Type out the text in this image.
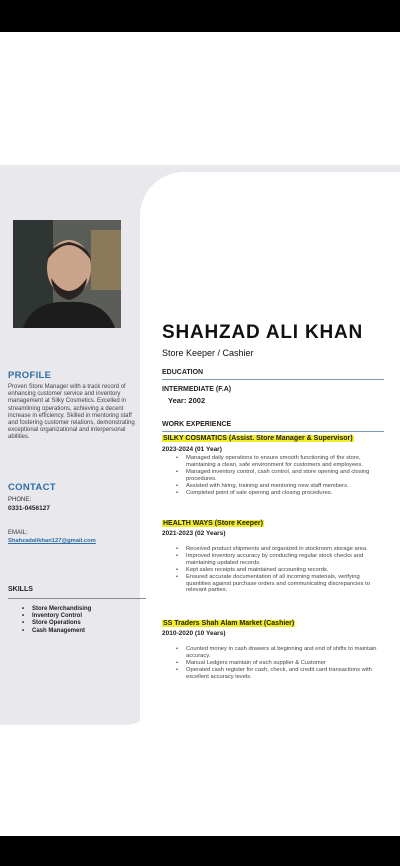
SHAHZAD ALI KHAN
Store Keeper / Cashier
PROFILE
Proven Store Manager with a track record of enhancing customer service and inventory management at Silky Cosmetics. Excelled in streamlining operations, achieving a decent increase in efficiency. Skilled in mentoring staff and fostering customer relations, demonstrating exceptional organizational and interpersonal abilities.
CONTACT
PHONE:
0331-0456127
EMAIL:
Shahzadalikhan127@gmail.com
SKILLS
• Store Merchandising
• Inventory Control
• Store Operations
• Cash Management
EDUCATION
INTERMEDIATE (F.A)
Year: 2002
WORK EXPERIENCE
SILKY COSMATICS (Assist. Store Manager & Supervisor)
2023-2024 (01 Year)
• Managed daily operations to ensure smooth functioning of the store, maintaining a clean, safe environment for customers and employees.
• Managed inventory control, cash control, and store opening and closing procedures.
• Assisted with hiring, training and mentoring new staff members.
• Completed point of sale opening and closing procedures.
HEALTH WAYS (Store Keeper)
2021-2023 (02 Years)
• Received product shipments and organized in stockroom storage area.
• Improved inventory accuracy by conducting regular stock checks and maintaining updated records.
• Kept sales receipts and maintained accounting records.
• Ensured accurate documentation of all incoming materials, verifying quantities against purchase orders and communicating discrepancies to relevant parties.
SS Traders Shah Alam Market (Cashier)
2010-2020 (10 Years)
• Counted money in cash drawers at beginning and end of shifts to maintain accuracy.
• Manual Ledgers maintain of each supplier & Customer
• Operated cash register for cash, check, and credit card transactions with excellent accuracy levels.
